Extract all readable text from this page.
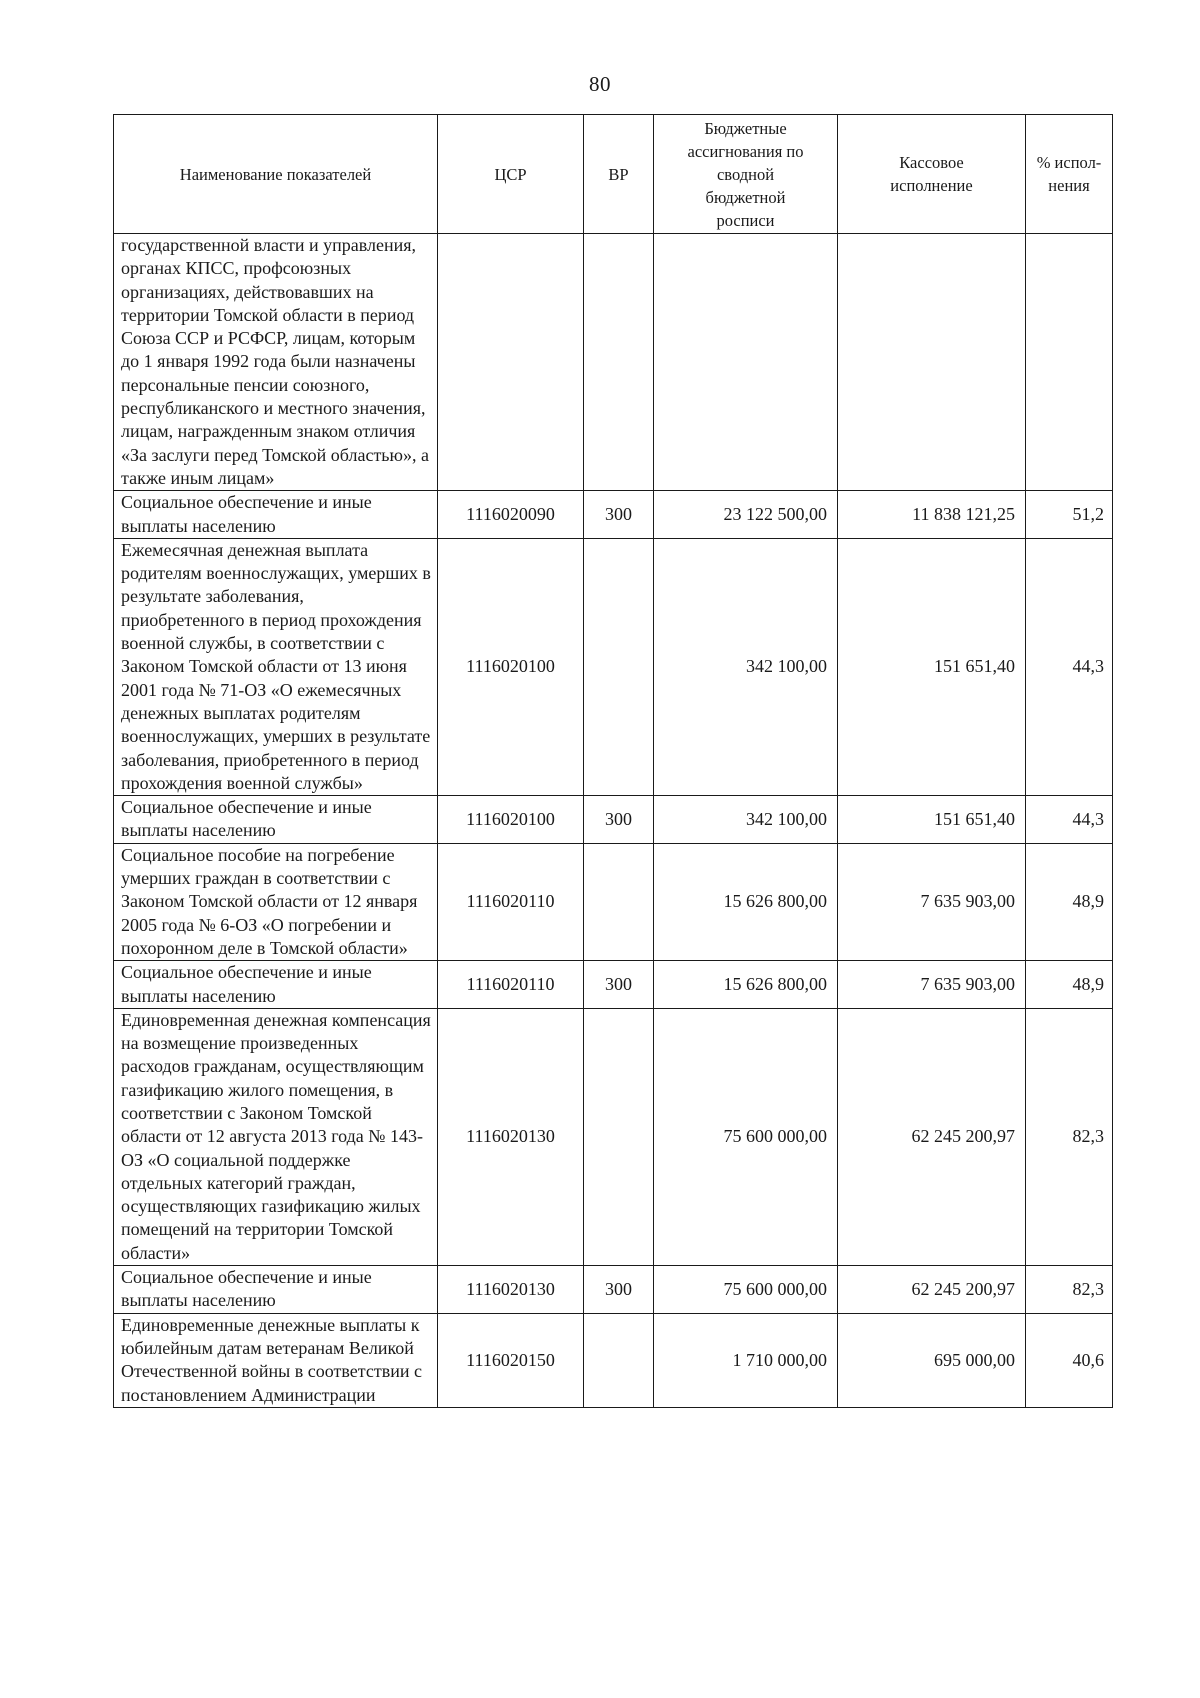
80
Наименование показателей	ЦСР	ВР	Бюджетные ассигнования по сводной бюджетной росписи	Кассовое исполнение	% испол-нения
государственной власти и управления, органах КПСС, профсоюзных организациях, действовавших на территории Томской области в период Союза ССР и РСФСР, лицам, которым до 1 января 1992 года были назначены персональные пенсии союзного, республиканского и местного значения, лицам, награжденным знаком отличия «За заслуги перед Томской областью», а также иным лицам»					
Социальное обеспечение и иные выплаты населению	1116020090	300	23 122 500,00	11 838 121,25	51,2
Ежемесячная денежная выплата родителям военнослужащих, умерших в результате заболевания, приобретенного в период прохождения военной службы, в соответствии с Законом Томской области от 13 июня 2001 года № 71-ОЗ «О ежемесячных денежных выплатах родителям военнослужащих, умерших в результате заболевания, приобретенного в период прохождения военной службы»	1116020100		342 100,00	151 651,40	44,3
Социальное обеспечение и иные выплаты населению	1116020100	300	342 100,00	151 651,40	44,3
Социальное пособие на погребение умерших граждан в соответствии с Законом Томской области от 12 января 2005 года № 6-ОЗ «О погребении и похоронном деле в Томской области»	1116020110		15 626 800,00	7 635 903,00	48,9
Социальное обеспечение и иные выплаты населению	1116020110	300	15 626 800,00	7 635 903,00	48,9
Единовременная денежная компенсация на возмещение произведенных расходов гражданам, осуществляющим газификацию жилого помещения, в соответствии с Законом Томской области от 12 августа 2013 года № 143-ОЗ «О социальной поддержке отдельных категорий граждан, осуществляющих газификацию жилых помещений на территории Томской области»	1116020130		75 600 000,00	62 245 200,97	82,3
Социальное обеспечение и иные выплаты населению	1116020130	300	75 600 000,00	62 245 200,97	82,3
Единовременные денежные выплаты к юбилейным датам ветеранам Великой Отечественной войны в соответствии с постановлением Администрации	1116020150		1 710 000,00	695 000,00	40,6
